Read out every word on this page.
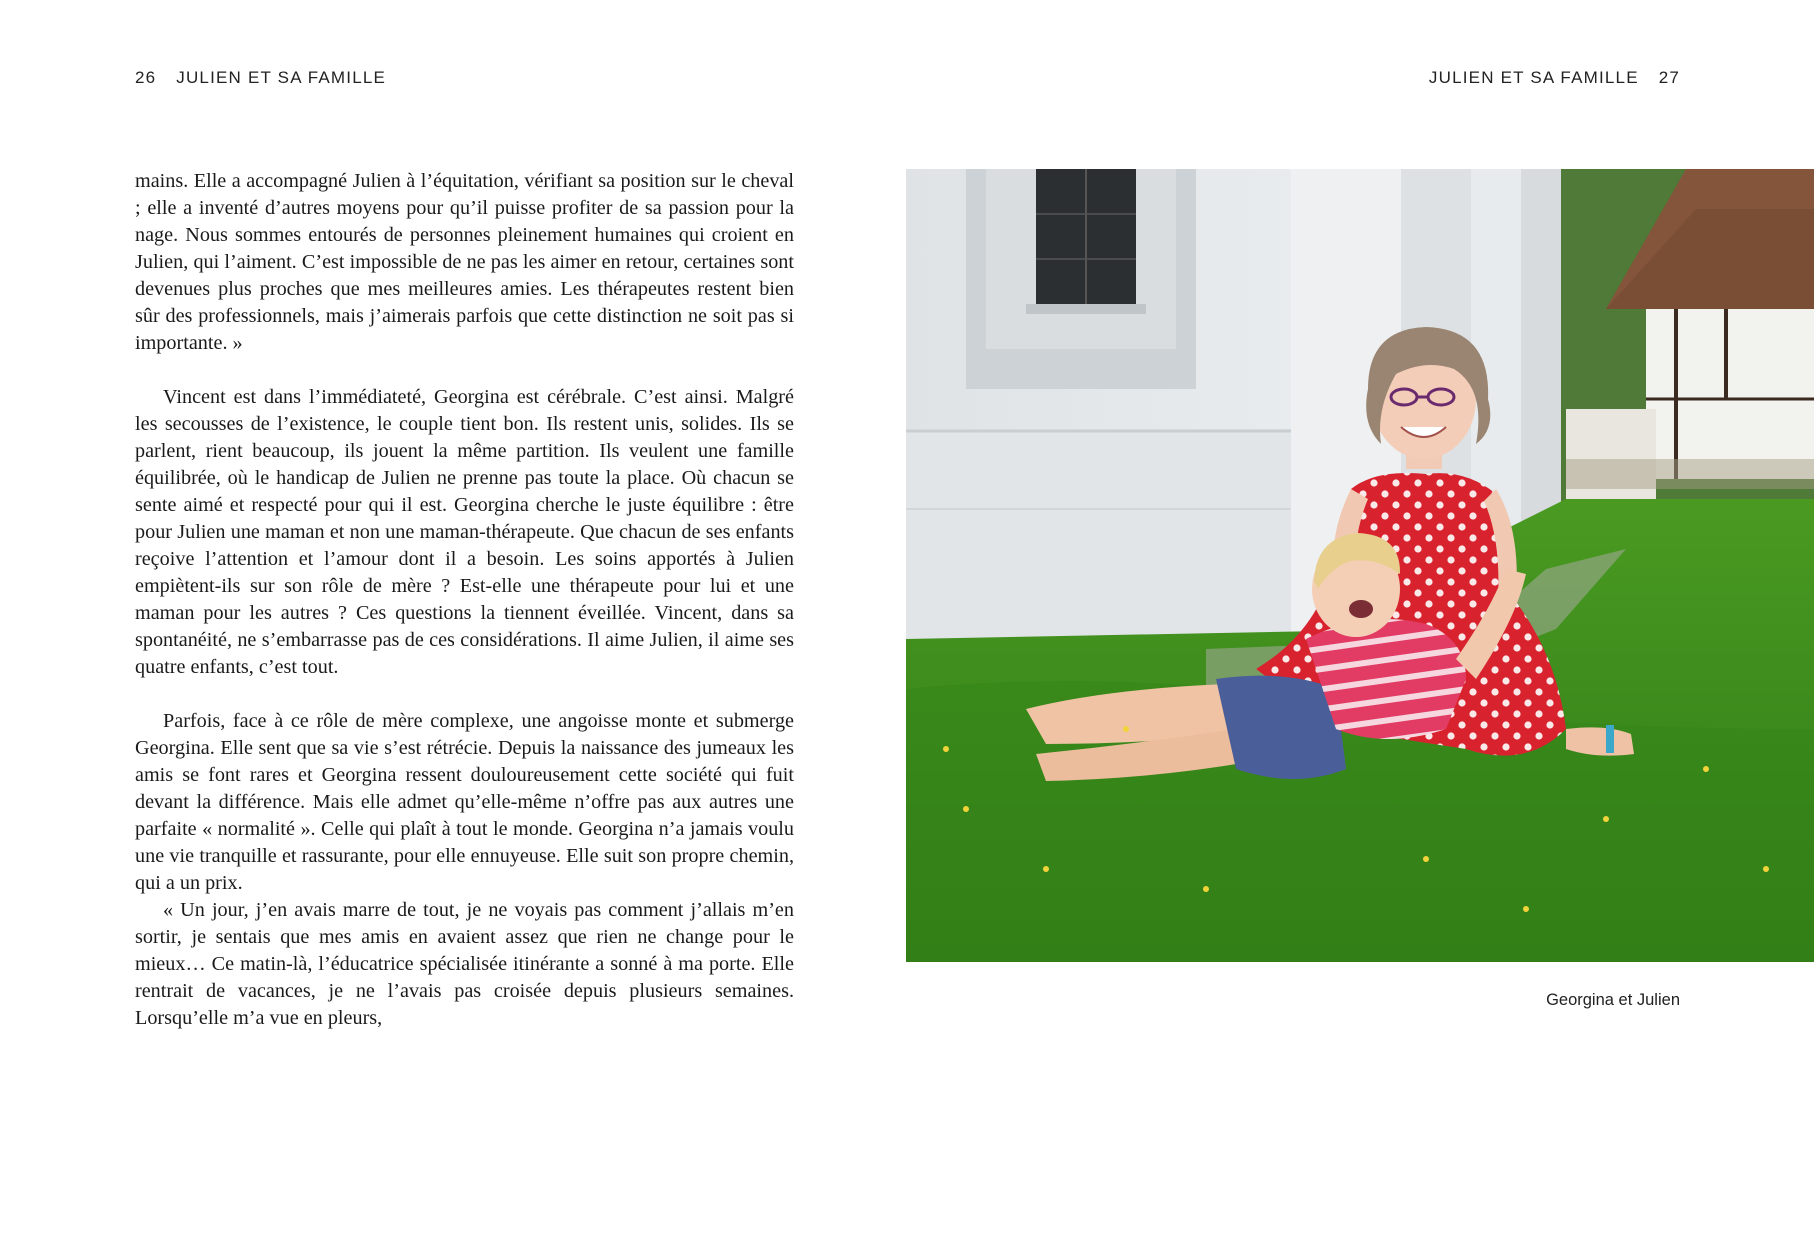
26 JULIEN ET SA FAMILLE	JULIEN ET SA FAMILLE 27

mains. Elle a accompagné Julien à l’équitation, vérifiant sa position sur le cheval ; elle a inventé d’autres moyens pour qu’il puisse profiter de sa passion pour la nage. Nous sommes entourés de personnes pleinement humaines qui croient en Julien, qui l’aiment. C’est impossible de ne pas les aimer en retour, certaines sont devenues plus proches que mes meilleures amies. Les thérapeutes restent bien sûr des professionnels, mais j’aimerais parfois que cette distinction ne soit pas si importante. »

Vincent est dans l’immédiateté, Georgina est cérébrale. C’est ainsi. Malgré les secousses de l’existence, le couple tient bon. Ils restent unis, solides. Ils se parlent, rient beaucoup, ils jouent la même partition. Ils veulent une famille équilibrée, où le handicap de Julien ne prenne pas toute la place. Où chacun se sente aimé et respecté pour qui il est. Georgina cherche le juste équilibre : être pour Julien une maman et non une maman-thérapeute. Que chacun de ses enfants reçoive l’attention et l’amour dont il a besoin. Les soins apportés à Julien empiètent-ils sur son rôle de mère ? Est-elle une thérapeute pour lui et une maman pour les autres ? Ces questions la tiennent éveillée. Vincent, dans sa spontanéité, ne s’embarrasse pas de ces considérations. Il aime Julien, il aime ses quatre enfants, c’est tout.

Parfois, face à ce rôle de mère complexe, une angoisse monte et submerge Georgina. Elle sent que sa vie s’est rétrécie. Depuis la naissance des jumeaux les amis se font rares et Georgina ressent douloureusement cette société qui fuit devant la différence. Mais elle admet qu’elle-même n’offre pas aux autres une parfaite « normalité ». Celle qui plaît à tout le monde. Georgina n’a jamais voulu une vie tranquille et rassurante, pour elle ennuyeuse. Elle suit son propre chemin, qui a un prix.

« Un jour, j’en avais marre de tout, je ne voyais pas comment j’allais m’en sortir, je sentais que mes amis en avaient assez que rien ne change pour le mieux… Ce matin-là, l’éducatrice spécialisée itinérante a sonné à ma porte. Elle rentrait de vacances, je ne l’avais pas croisée depuis plusieurs semaines. Lorsqu’elle m’a vue en pleurs,

Georgina et Julien
